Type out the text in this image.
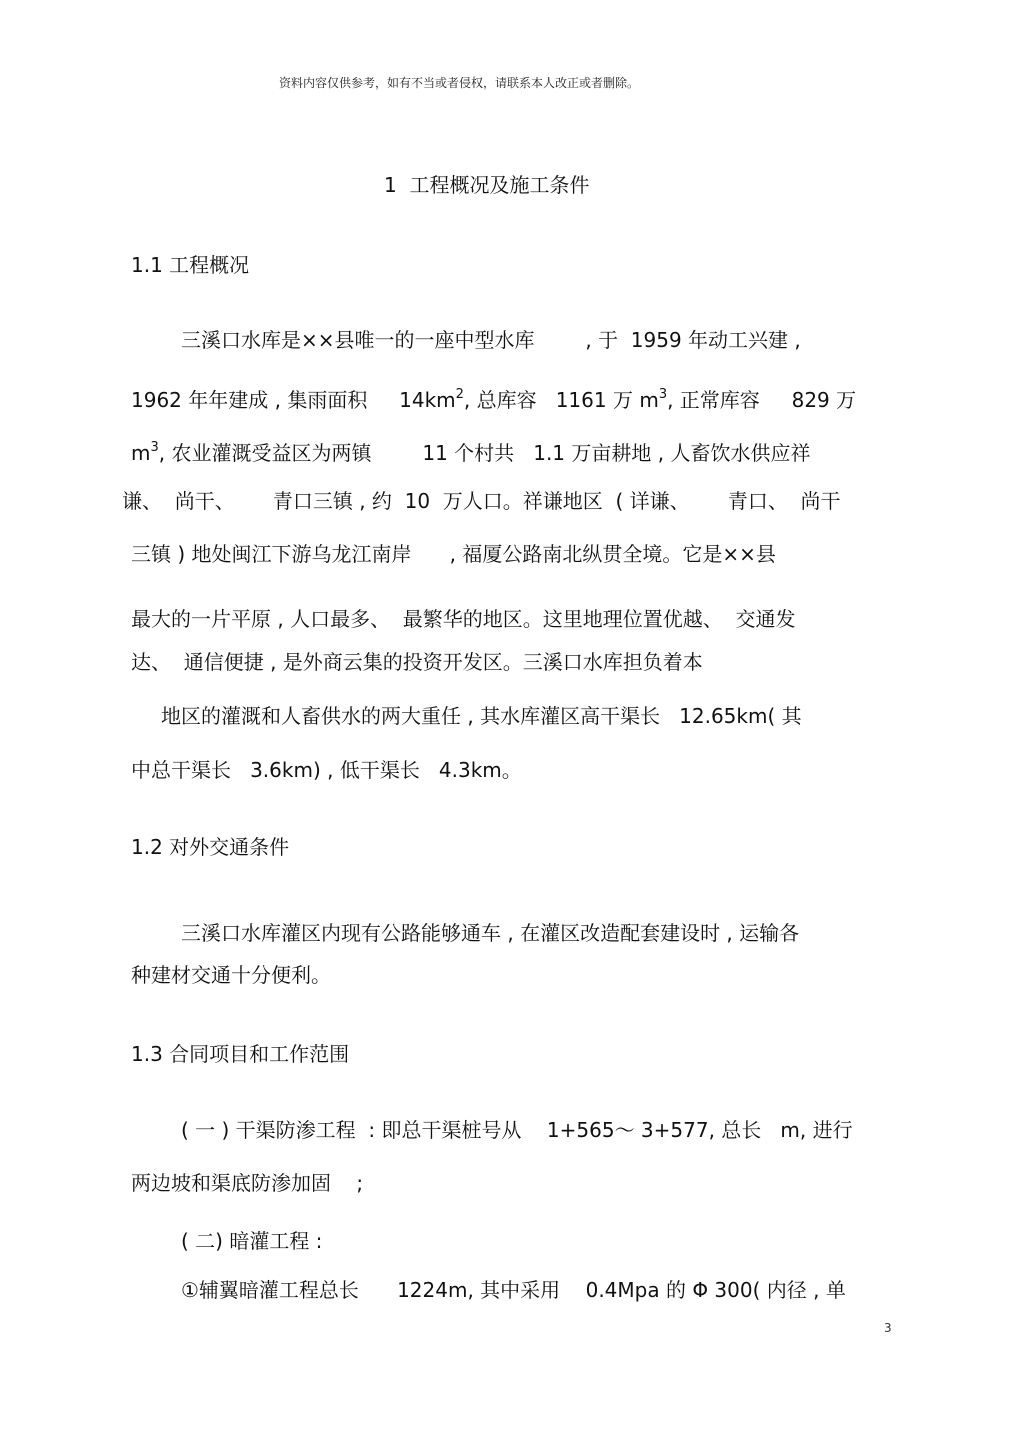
资料内容仅供参考，如有不当或者侵权，请联系本人改正或者删除。
1  工程概况及施工条件
1.1 工程概况
三溪口水库是××县唯一的一座中型水库        , 于  1959 年动工兴建 ,
1962 年年建成 , 集雨面积     $14km^2$, 总库容   1161 万 $m^3$, 正常库容     829 万
$m^3$, 农业灌溉受益区为两镇        11 个村共   1.1 万亩耕地 , 人畜饮水供应祥
谦、  尚干、      青口三镇 , 约  10  万人口。祥谦地区  ( 详谦、      青口、  尚干
三镇 ) 地处闽江下游乌龙江南岸      , 福厦公路南北纵贯全境。它是××县
最大的一片平原 , 人口最多、  最繁华的地区。这里地理位置优越、  交通发
达、  通信便捷 , 是外商云集的投资开发区。三溪口水库担负着本
地区的灌溉和人畜供水的两大重任 , 其水库灌区高干渠长   12.65km( 其
中总干渠长   3.6km) , 低干渠长   4.3km。
1.2 对外交通条件
三溪口水库灌区内现有公路能够通车 , 在灌区改造配套建设时 , 运输各
种建材交通十分便利。
1.3 合同项目和工作范围
( 一 ) 干渠防渗工程  : 即总干渠桩号从    1+565～ 3+577, 总长   m, 进行
两边坡和渠底防渗加固    ;
( 二) 暗灌工程 :
①辅翼暗灌工程总长      1224m, 其中采用    0.4Mpa 的 Φ 300( 内径 , 单
3
